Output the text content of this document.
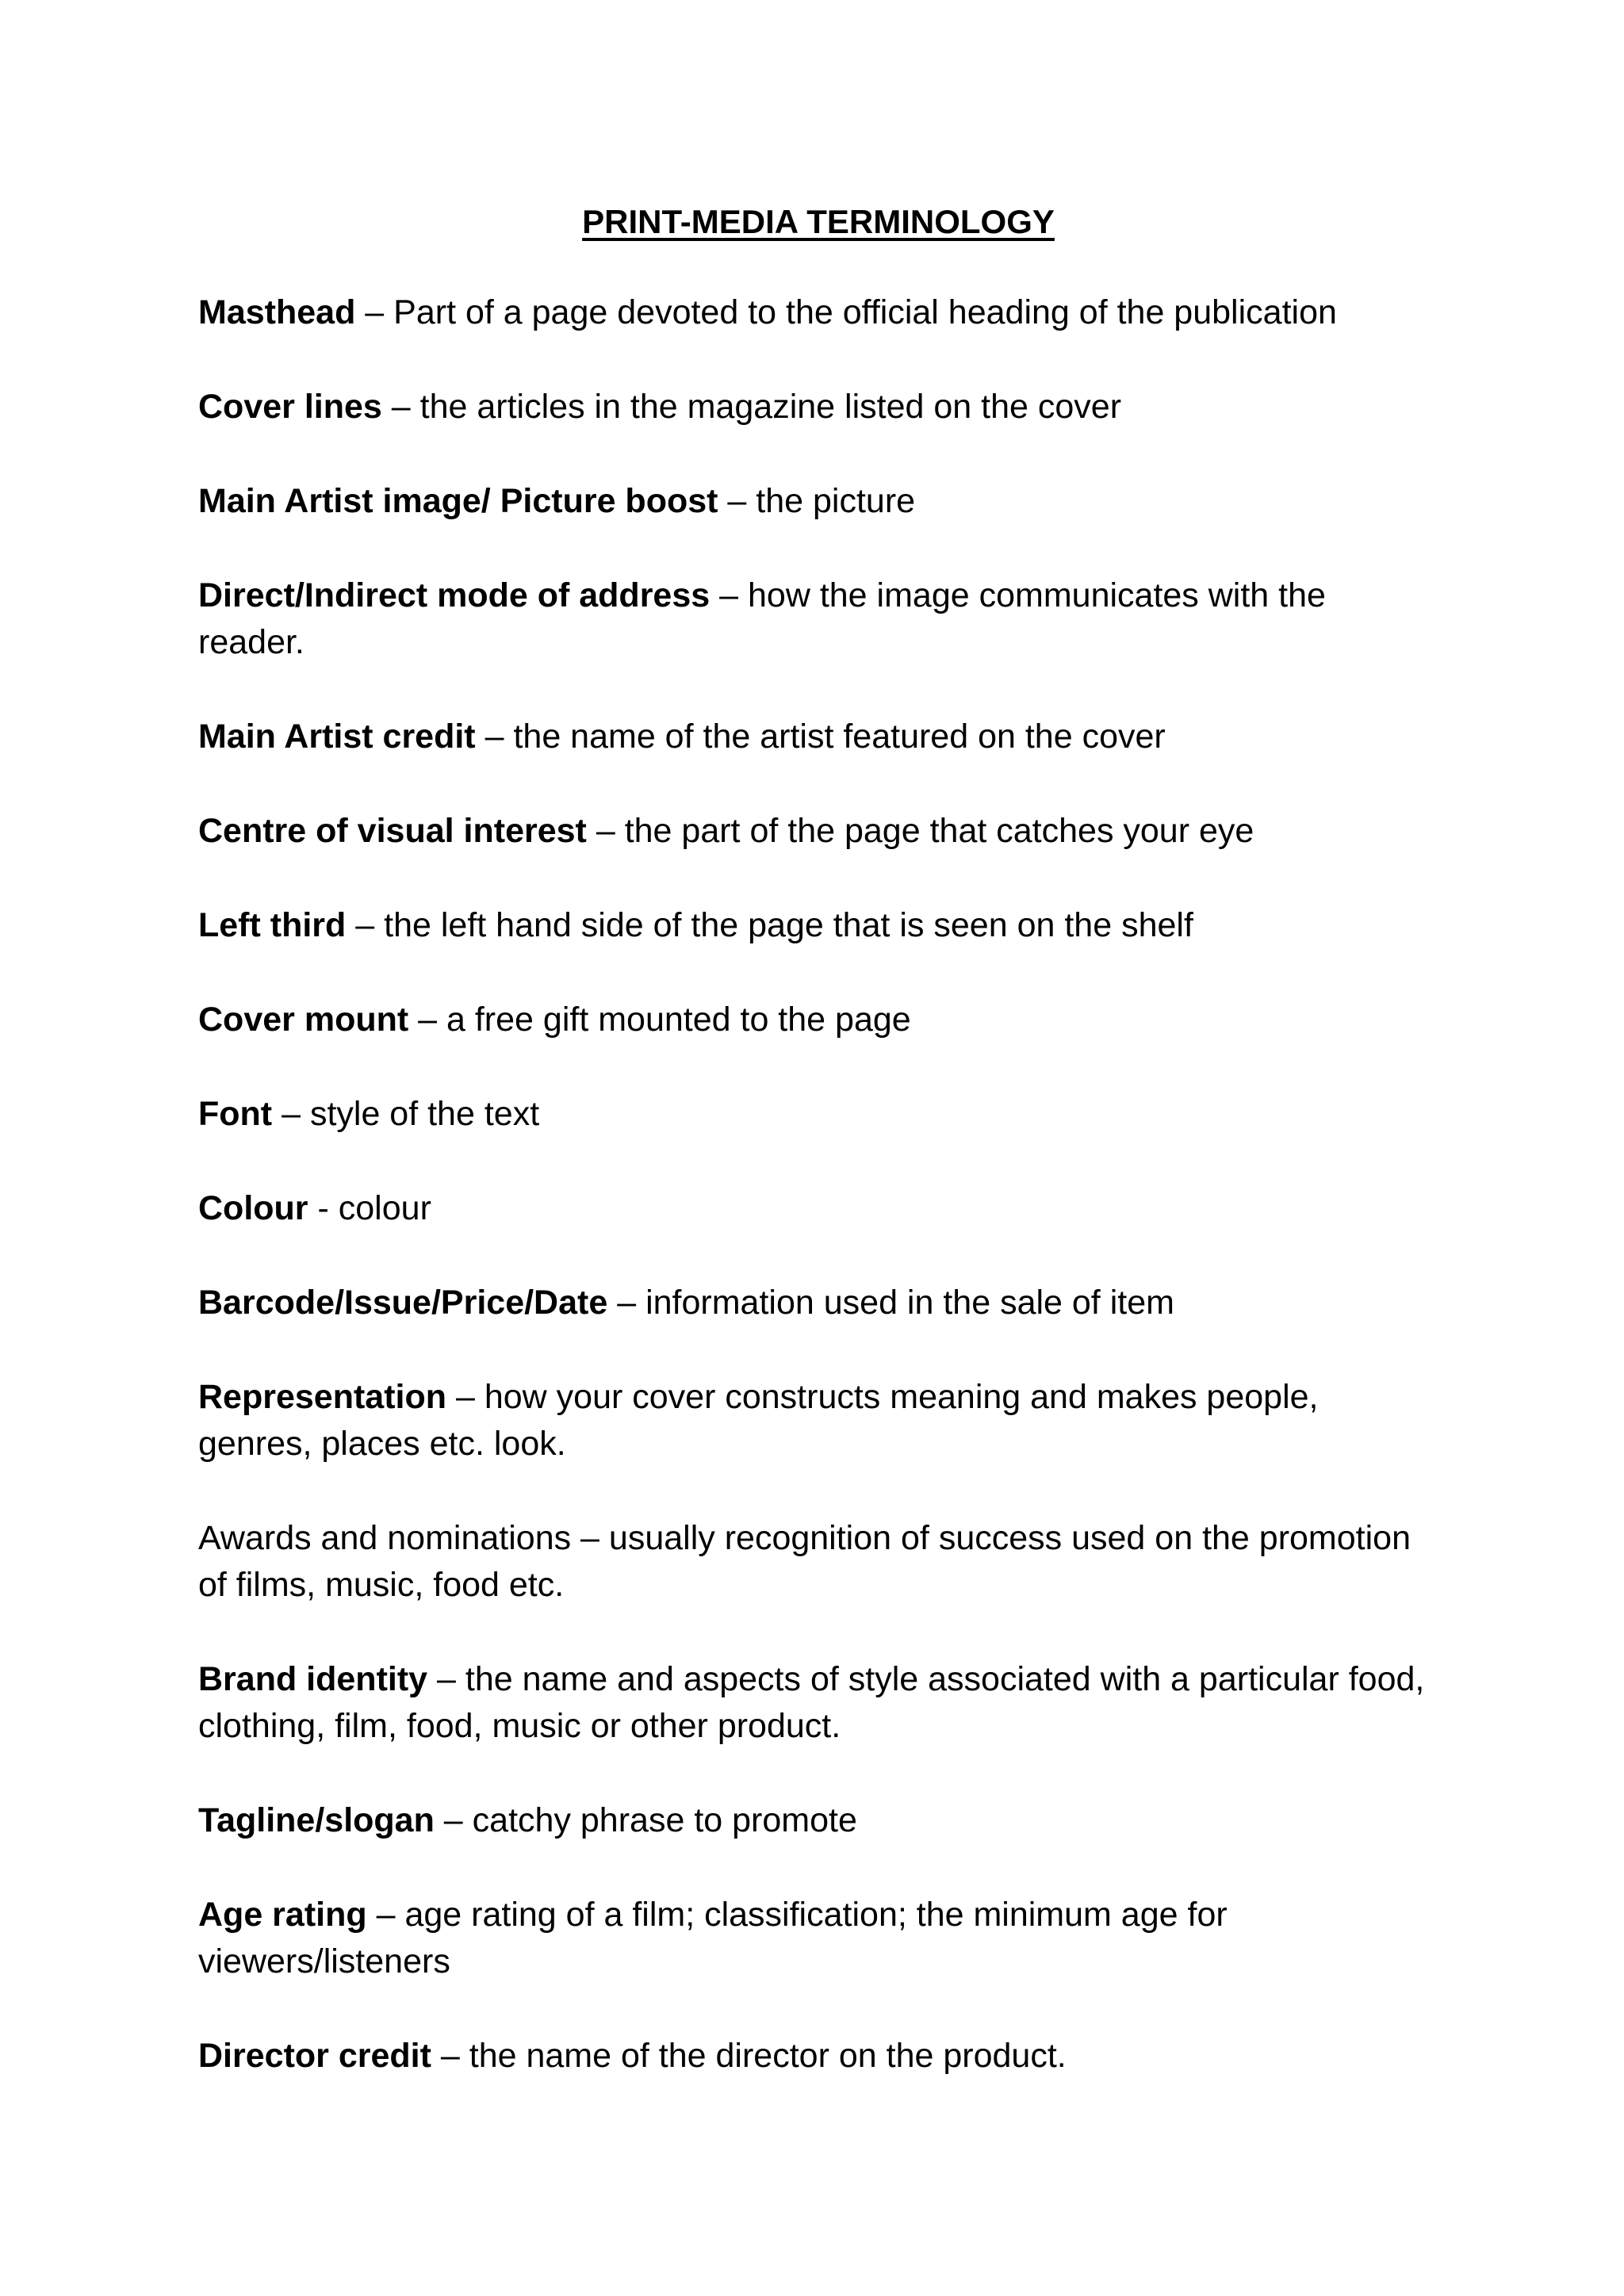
PRINT-MEDIA TERMINOLOGY

Masthead – Part of a page devoted to the official heading of the publication

Cover lines – the articles in the magazine listed on the cover

Main Artist image/ Picture boost – the picture

Direct/Indirect mode of address – how the image communicates with the reader.

Main Artist credit – the name of the artist featured on the cover

Centre of visual interest – the part of the page that catches your eye

Left third – the left hand side of the page that is seen on the shelf

Cover mount – a free gift mounted to the page

Font – style of the text

Colour - colour

Barcode/Issue/Price/Date – information used in the sale of item

Representation – how your cover constructs meaning and makes people, genres, places etc. look.

Awards and nominations – usually recognition of success used on the promotion of films, music, food etc.

Brand identity – the name and aspects of style associated with a particular food, clothing, film, food, music or other product.

Tagline/slogan – catchy phrase to promote

Age rating – age rating of a film; classification; the minimum age for viewers/listeners

Director credit – the name of the director on the product.
